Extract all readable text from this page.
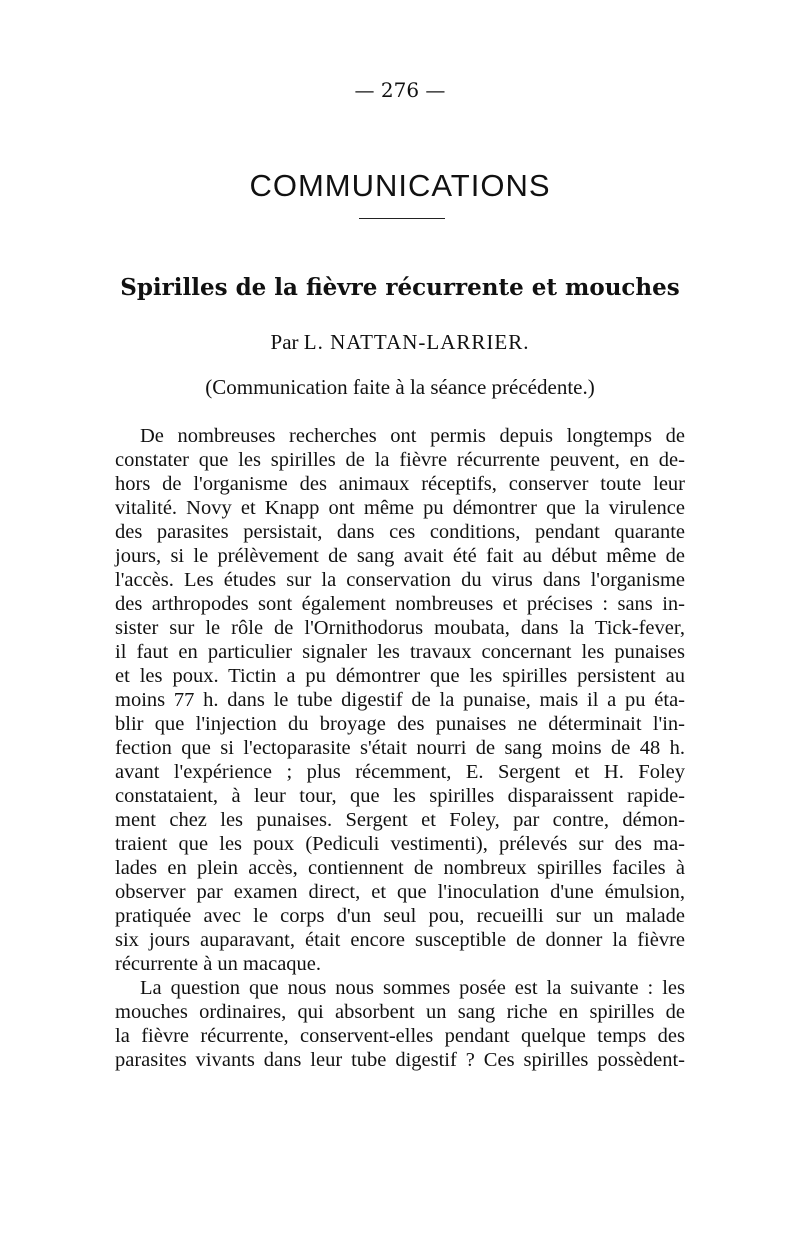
— 276 —
COMMUNICATIONS
Spirilles de la fièvre récurrente et mouches
Par L. NATTAN-LARRIER.
(Communication faite à la séance précédente.)
De nombreuses recherches ont permis depuis longtemps de
constater que les spirilles de la fièvre récurrente peuvent, en de-
hors de l'organisme des animaux réceptifs, conserver toute leur
vitalité. Novy et Knapp ont même pu démontrer que la virulence
des parasites persistait, dans ces conditions, pendant quarante
jours, si le prélèvement de sang avait été fait au début même de
l'accès. Les études sur la conservation du virus dans l'organisme
des arthropodes sont également nombreuses et précises : sans in-
sister sur le rôle de l'Ornithodorus moubata, dans la Tick-fever,
il faut en particulier signaler les travaux concernant les punaises
et les poux. Tictin a pu démontrer que les spirilles persistent au
moins 77 h. dans le tube digestif de la punaise, mais il a pu éta-
blir que l'injection du broyage des punaises ne déterminait l'in-
fection que si l'ectoparasite s'était nourri de sang moins de 48 h.
avant l'expérience ; plus récemment, E. Sergent et H. Foley
constataient, à leur tour, que les spirilles disparaissent rapide-
ment chez les punaises. Sergent et Foley, par contre, démon-
traient que les poux (Pediculi vestimenti), prélevés sur des ma-
lades en plein accès, contiennent de nombreux spirilles faciles à
observer par examen direct, et que l'inoculation d'une émulsion,
pratiquée avec le corps d'un seul pou, recueilli sur un malade
six jours auparavant, était encore susceptible de donner la fièvre
récurrente à un macaque.
La question que nous nous sommes posée est la suivante : les
mouches ordinaires, qui absorbent un sang riche en spirilles de
la fièvre récurrente, conservent-elles pendant quelque temps des
parasites vivants dans leur tube digestif ? Ces spirilles possèdent-
